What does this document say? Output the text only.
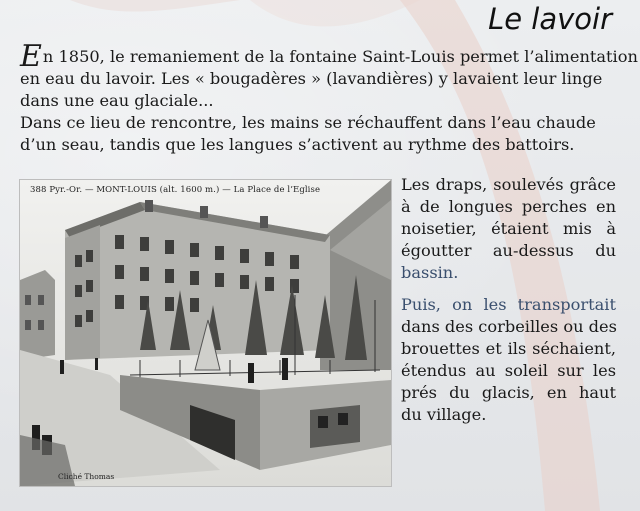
Le lavoir
En 1850, le remaniement de la fontaine Saint-Louis permet l’alimentation
en eau du lavoir. Les « bougadères » (lavandières) y lavaient leur linge
dans une eau glaciale...
Dans ce lieu de rencontre, les mains se réchauffent dans l’eau chaude
d’un seau, tandis que les langues s’activent au rythme des battoirs.
388 Pyr.-Or. — MONT-LOUIS (alt. 1600 m.) — La Place de l’Eglise
Cliché Thomas

Les draps, soulevés grâce
à de longues perches en
noisetier, étaient mis à
égoutter au-dessus du
bassin.

Puis, on les transportait
dans des corbeilles ou des
brouettes et ils séchaient,
étendus au soleil sur les
prés du glacis, en haut
du village.
